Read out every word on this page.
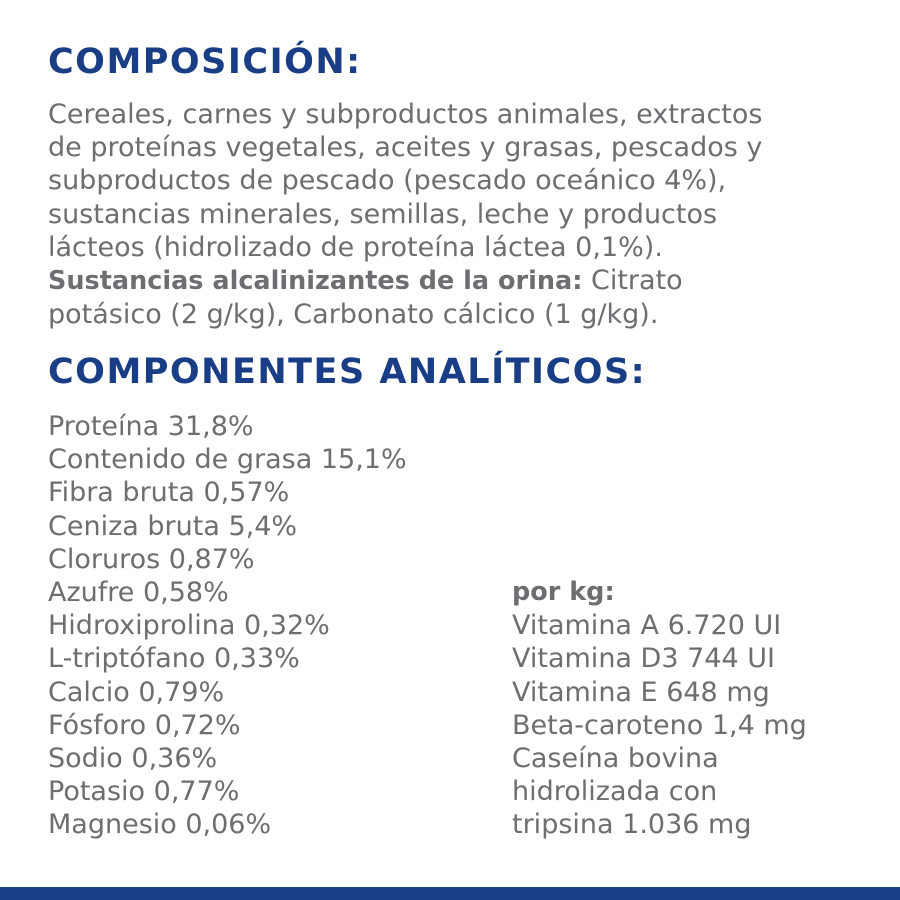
COMPOSICIÓN:
Cereales, carnes y subproductos animales, extractos
de proteínas vegetales, aceites y grasas, pescados y
subproductos de pescado (pescado oceánico 4%),
sustancias minerales, semillas, leche y productos
lácteos (hidrolizado de proteína láctea 0,1%).
Sustancias alcalinizantes de la orina: Citrato
potásico (2 g/kg), Carbonato cálcico (1 g/kg).
COMPONENTES ANALÍTICOS:
Proteína 31,8%
Contenido de grasa 15,1%
Fibra bruta 0,57%
Ceniza bruta 5,4%
Cloruros 0,87%
Azufre 0,58%
Hidroxiprolina 0,32%
L-triptófano 0,33%
Calcio 0,79%
Fósforo 0,72%
Sodio 0,36%
Potasio 0,77%
Magnesio 0,06%
por kg:
Vitamina A 6.720 UI
Vitamina D3 744 UI
Vitamina E 648 mg
Beta-caroteno 1,4 mg
Caseína bovina
hidrolizada con
tripsina 1.036 mg
